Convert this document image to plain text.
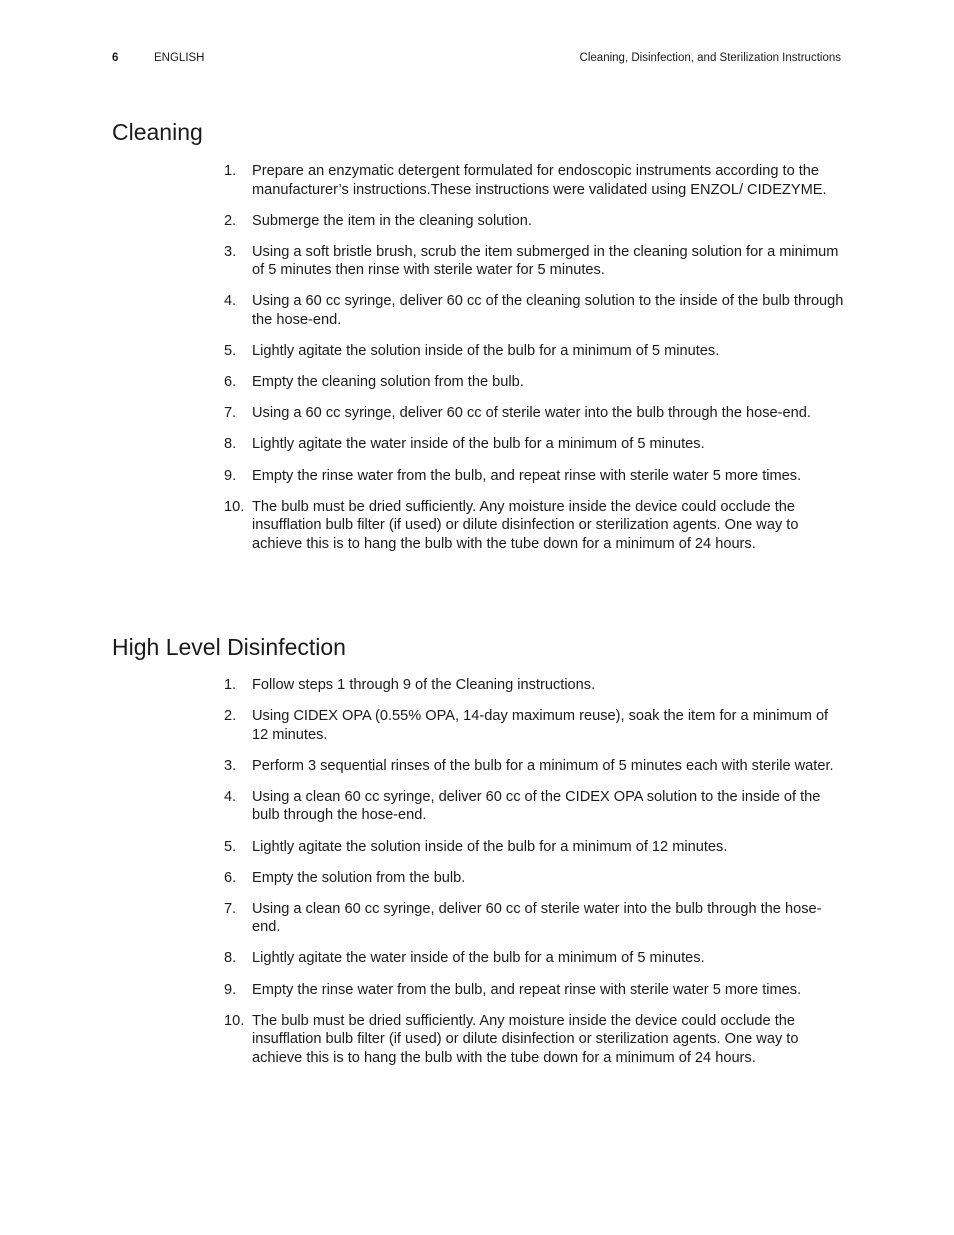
6	ENGLISH	Cleaning, Disinfection, and Sterilization Instructions
Cleaning
1. Prepare an enzymatic detergent formulated for endoscopic instruments according to the manufacturer’s instructions.These instructions were validated using ENZOL/ CIDEZYME.
2. Submerge the item in the cleaning solution.
3. Using a soft bristle brush, scrub the item submerged in the cleaning solution for a minimum of 5 minutes then rinse with sterile water for 5 minutes.
4. Using a 60 cc syringe, deliver 60 cc of the cleaning solution to the inside of the bulb through the hose-end.
5. Lightly agitate the solution inside of the bulb for a minimum of 5 minutes.
6. Empty the cleaning solution from the bulb.
7. Using a 60 cc syringe, deliver 60 cc of sterile water into the bulb through the hose-end.
8. Lightly agitate the water inside of the bulb for a minimum of 5 minutes.
9. Empty the rinse water from the bulb, and repeat rinse with sterile water 5 more times.
10. The bulb must be dried sufficiently. Any moisture inside the device could occlude the insufflation bulb filter (if used) or dilute disinfection or sterilization agents. One way to achieve this is to hang the bulb with the tube down for a minimum of 24 hours.
High Level Disinfection
1. Follow steps 1 through 9 of the Cleaning instructions.
2. Using CIDEX OPA (0.55% OPA, 14-day maximum reuse), soak the item for a minimum of 12 minutes.
3. Perform 3 sequential rinses of the bulb for a minimum of 5 minutes each with sterile water.
4. Using a clean 60 cc syringe, deliver 60 cc of the CIDEX OPA solution to the inside of the bulb through the hose-end.
5. Lightly agitate the solution inside of the bulb for a minimum of 12 minutes.
6. Empty the solution from the bulb.
7. Using a clean 60 cc syringe, deliver 60 cc of sterile water into the bulb through the hose-end.
8. Lightly agitate the water inside of the bulb for a minimum of 5 minutes.
9. Empty the rinse water from the bulb, and repeat rinse with sterile water 5 more times.
10. The bulb must be dried sufficiently. Any moisture inside the device could occlude the insufflation bulb filter (if used) or dilute disinfection or sterilization agents. One way to achieve this is to hang the bulb with the tube down for a minimum of 24 hours.
